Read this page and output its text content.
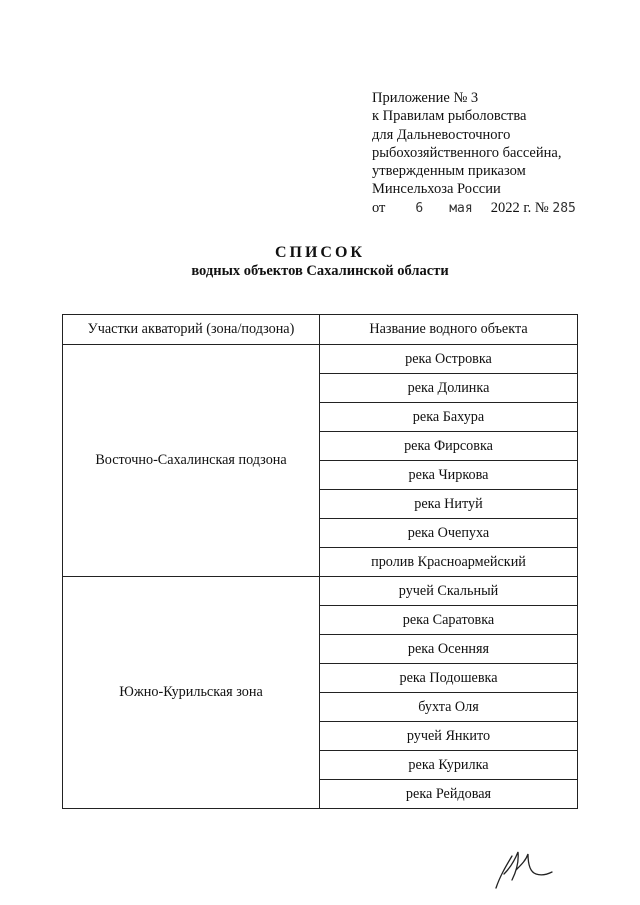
Приложение № 3
к Правилам рыболовства
для Дальневосточного
рыбохозяйственного бассейна,
утвержденным приказом
Минсельхоза России
от 6 мая 2022 г. № 285
СПИСОК
водных объектов Сахалинской области
Участки акваторий (зона/подзона)	Название водного объекта
Восточно-Сахалинская подзона	река Островка
	река Долинка
	река Бахура
	река Фирсовка
	река Чиркова
	река Нитуй
	река Очепуха
	пролив Красноармейский
Южно-Курильская зона	ручей Скальный
	река Саратовка
	река Осенняя
	река Подошевка
	бухта Оля
	ручей Янкито
	река Курилка
	река Рейдовая
